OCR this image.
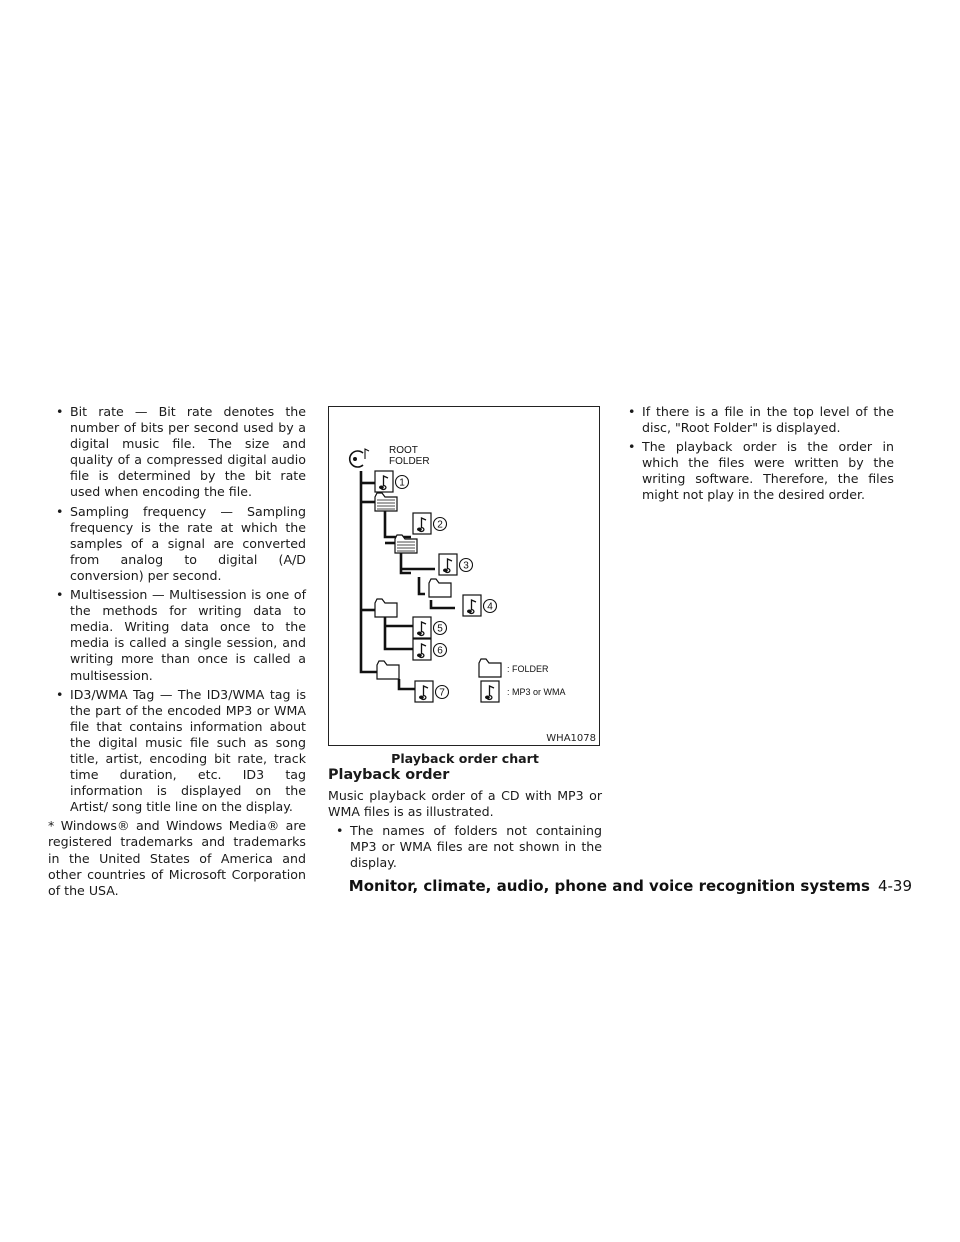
• Bit rate — Bit rate denotes the number of bits per second used by a digital music file. The size and quality of a compressed digital audio file is determined by the bit rate used when encoding the file.
• Sampling frequency — Sampling frequency is the rate at which the samples of a signal are converted from analog to digital (A/D conversion) per second.
• Multisession — Multisession is one of the methods for writing data to media. Writing data once to the media is called a single session, and writing more than once is called a multisession.
• ID3/WMA Tag — The ID3/WMA tag is the part of the encoded MP3 or WMA file that contains information about the digital music file such as song title, artist, encoding bit rate, track time duration, etc. ID3 tag information is displayed on the Artist/ song title line on the display.

* Windows® and Windows Media® are registered trademarks and trademarks in the United States of America and other countries of Microsoft Corporation of the USA.

ROOT
FOLDER
1
2
3
4
5
6
7
: FOLDER
: MP3 or WMA
WHA1078
Playback order chart
Playback order

Music playback order of a CD with MP3 or WMA files is as illustrated.

• The names of folders not containing MP3 or WMA files are not shown in the display.
• If there is a file in the top level of the disc, "Root Folder" is displayed.
• The playback order is the order in which the files were written by the writing software. Therefore, the files might not play in the desired order.
Monitor, climate, audio, phone and voice recognition systems 4-39
